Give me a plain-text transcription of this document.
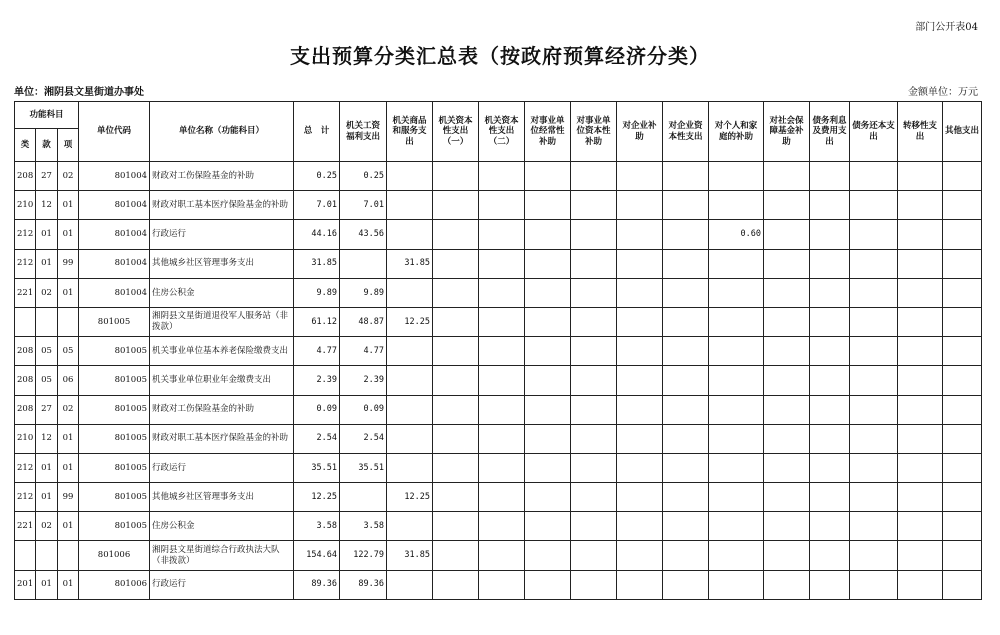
部门公开表04
支出预算分类汇总表（按政府预算经济分类）
单位：湘阴县文星街道办事处	金额单位：万元
功能科目			单位代码	单位名称（功能科目）	总　计	机关工资福利支出	机关商品和服务支出	机关资本性支出（一）	机关资本性支出（二）	对事业单位经常性补助	对事业单位资本性补助	对企业补助	对企业资本性支出	对个人和家庭的补助	对社会保障基金补助	债务利息及费用支出	债务还本支出	转移性支出	其他支出
类	款	项																	
208	27	02	801004	财政对工伤保险基金的补助	0.25	0.25													
210	12	01	801004	财政对职工基本医疗保险基金的补助	7.01	7.01													
212	01	01	801004	行政运行	44.16	43.56								0.60					
212	01	99	801004	其他城乡社区管理事务支出	31.85		31.85												
221	02	01	801004	住房公积金	9.89	9.89													
			801005	湘阴县文星街道退役军人服务站（非拨款）	61.12	48.87	12.25												
208	05	05	801005	机关事业单位基本养老保险缴费支出	4.77	4.77													
208	05	06	801005	机关事业单位职业年金缴费支出	2.39	2.39													
208	27	02	801005	财政对工伤保险基金的补助	0.09	0.09													
210	12	01	801005	财政对职工基本医疗保险基金的补助	2.54	2.54													
212	01	01	801005	行政运行	35.51	35.51													
212	01	99	801005	其他城乡社区管理事务支出	12.25		12.25												
221	02	01	801005	住房公积金	3.58	3.58													
			801006	湘阴县文星街道综合行政执法大队（非拨款）	154.64	122.79	31.85												
201	01	01	801006	行政运行	89.36	89.36													
